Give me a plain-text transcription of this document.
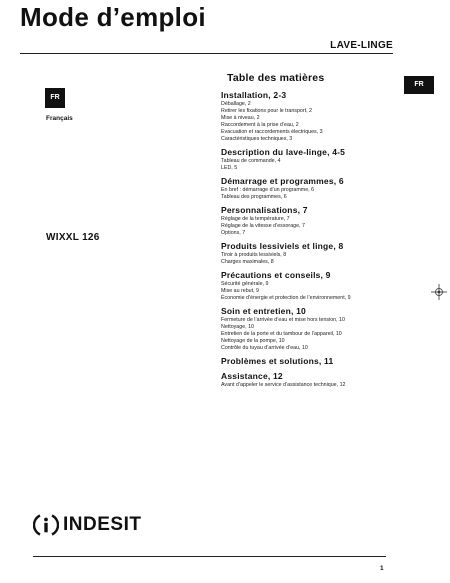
Mode d’emploi
LAVE-LINGE
FR
Français
FR
WIXXL 126
Table des matières
Installation, 2-3
Déballage, 2
Retirer les fixations pour le transport, 2
Mise à niveau, 2
Raccordement à la prise d’eau, 2
Evacuation et raccordements électriques, 3
Caractéristiques techniques, 3
Description du lave-linge, 4-5
Tableau de commande, 4
LED, 5
Démarrage et programmes, 6
En bref : démarrage d’un programme, 6
Tableau des programmes, 6
Personnalisations, 7
Réglage de la température, 7
Réglage de la vitesse d’essorage, 7
Options, 7
Produits lessiviels et linge, 8
Tiroir à produits lessiviels, 8
Charges maximales, 8
Précautions et conseils, 9
Sécurité générale, 9
Mise au rebut, 9
Économie d’énergie et protection de l’environnement, 9
Soin et entretien, 10
Fermeture de l’arrivée d’eau et mise hors tension, 10
Nettoyage, 10
Entretien de la porte et du tambour de l’appareil, 10
Nettoyage de la pompe, 10
Contrôle du tuyau d’arrivée d’eau, 10
Problèmes et solutions, 11
Assistance, 12
Avant d’appeler le service d’assistance technique, 12
INDESIT
1
